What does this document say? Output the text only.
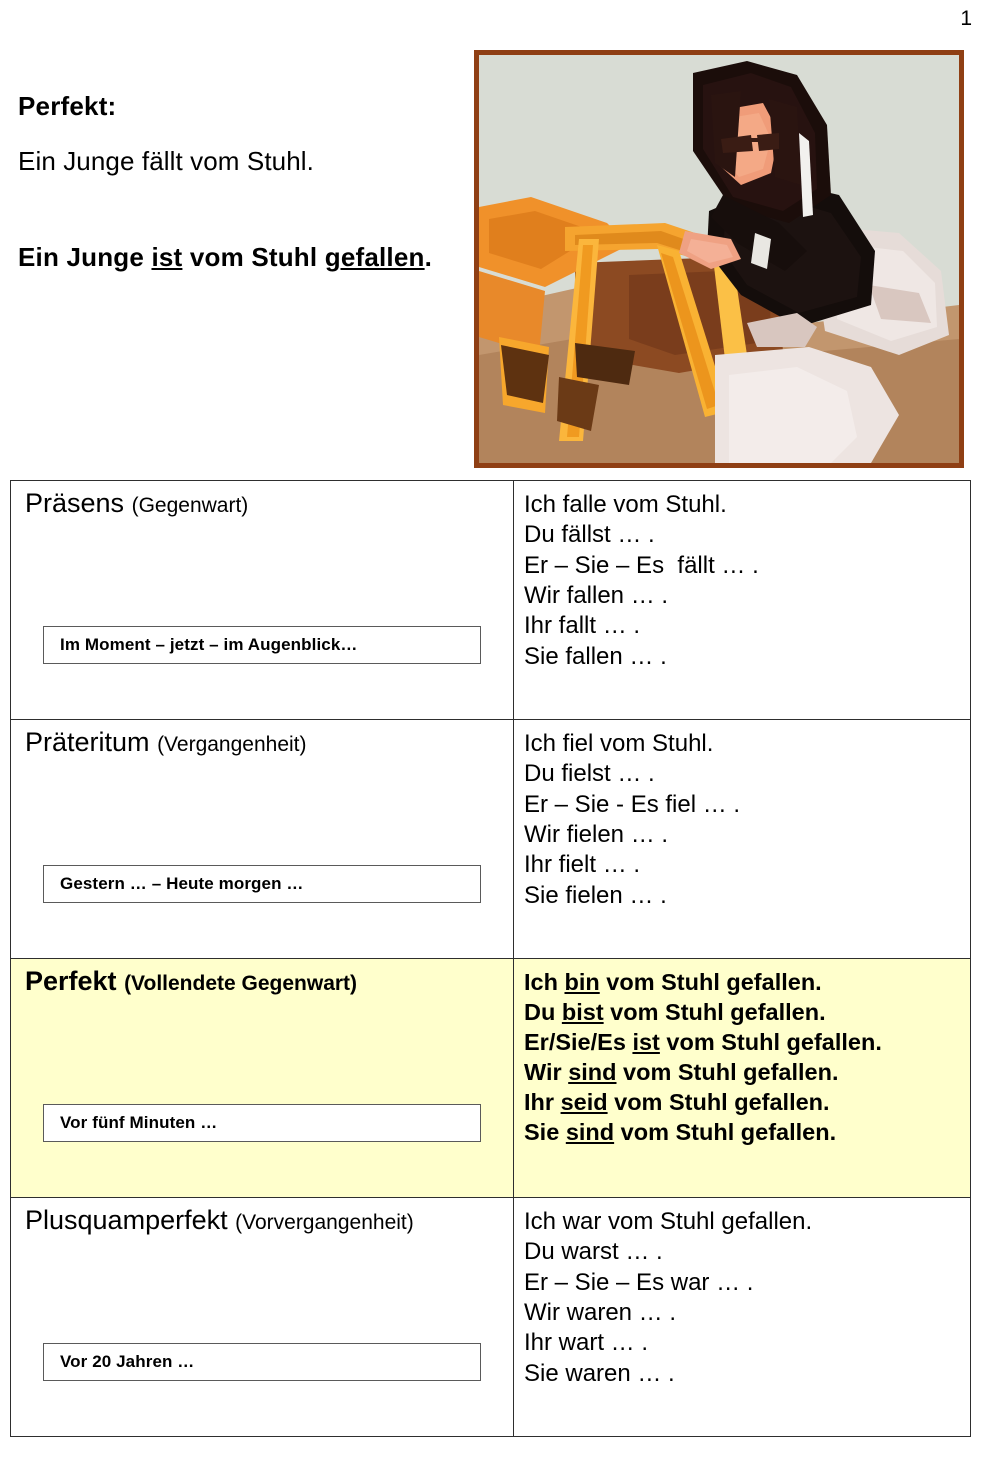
1

Perfekt:

Ein Junge fällt vom Stuhl.

Ein Junge ist vom Stuhl gefallen.

Präsens (Gegenwart)
Im Moment – jetzt – im Augenblick…

Ich falle vom Stuhl.
Du fällst … .
Er – Sie – Es  fällt … .
Wir fallen … .
Ihr fallt … .
Sie fallen … .

Präteritum (Vergangenheit)
Gestern … – Heute morgen …

Ich fiel vom Stuhl.
Du fielst … .
Er – Sie - Es fiel … .
Wir fielen … .
Ihr fielt … .
Sie fielen … .

Perfekt (Vollendete Gegenwart)
Vor fünf Minuten …

Ich bin vom Stuhl gefallen.
Du bist vom Stuhl gefallen.
Er/Sie/Es ist vom Stuhl gefallen.
Wir sind vom Stuhl gefallen.
Ihr seid vom Stuhl gefallen.
Sie sind vom Stuhl gefallen.

Plusquamperfekt (Vorvergangenheit)
Vor 20 Jahren …

Ich war vom Stuhl gefallen.
Du warst … .
Er – Sie – Es war … .
Wir waren … .
Ihr wart … .
Sie waren … .
